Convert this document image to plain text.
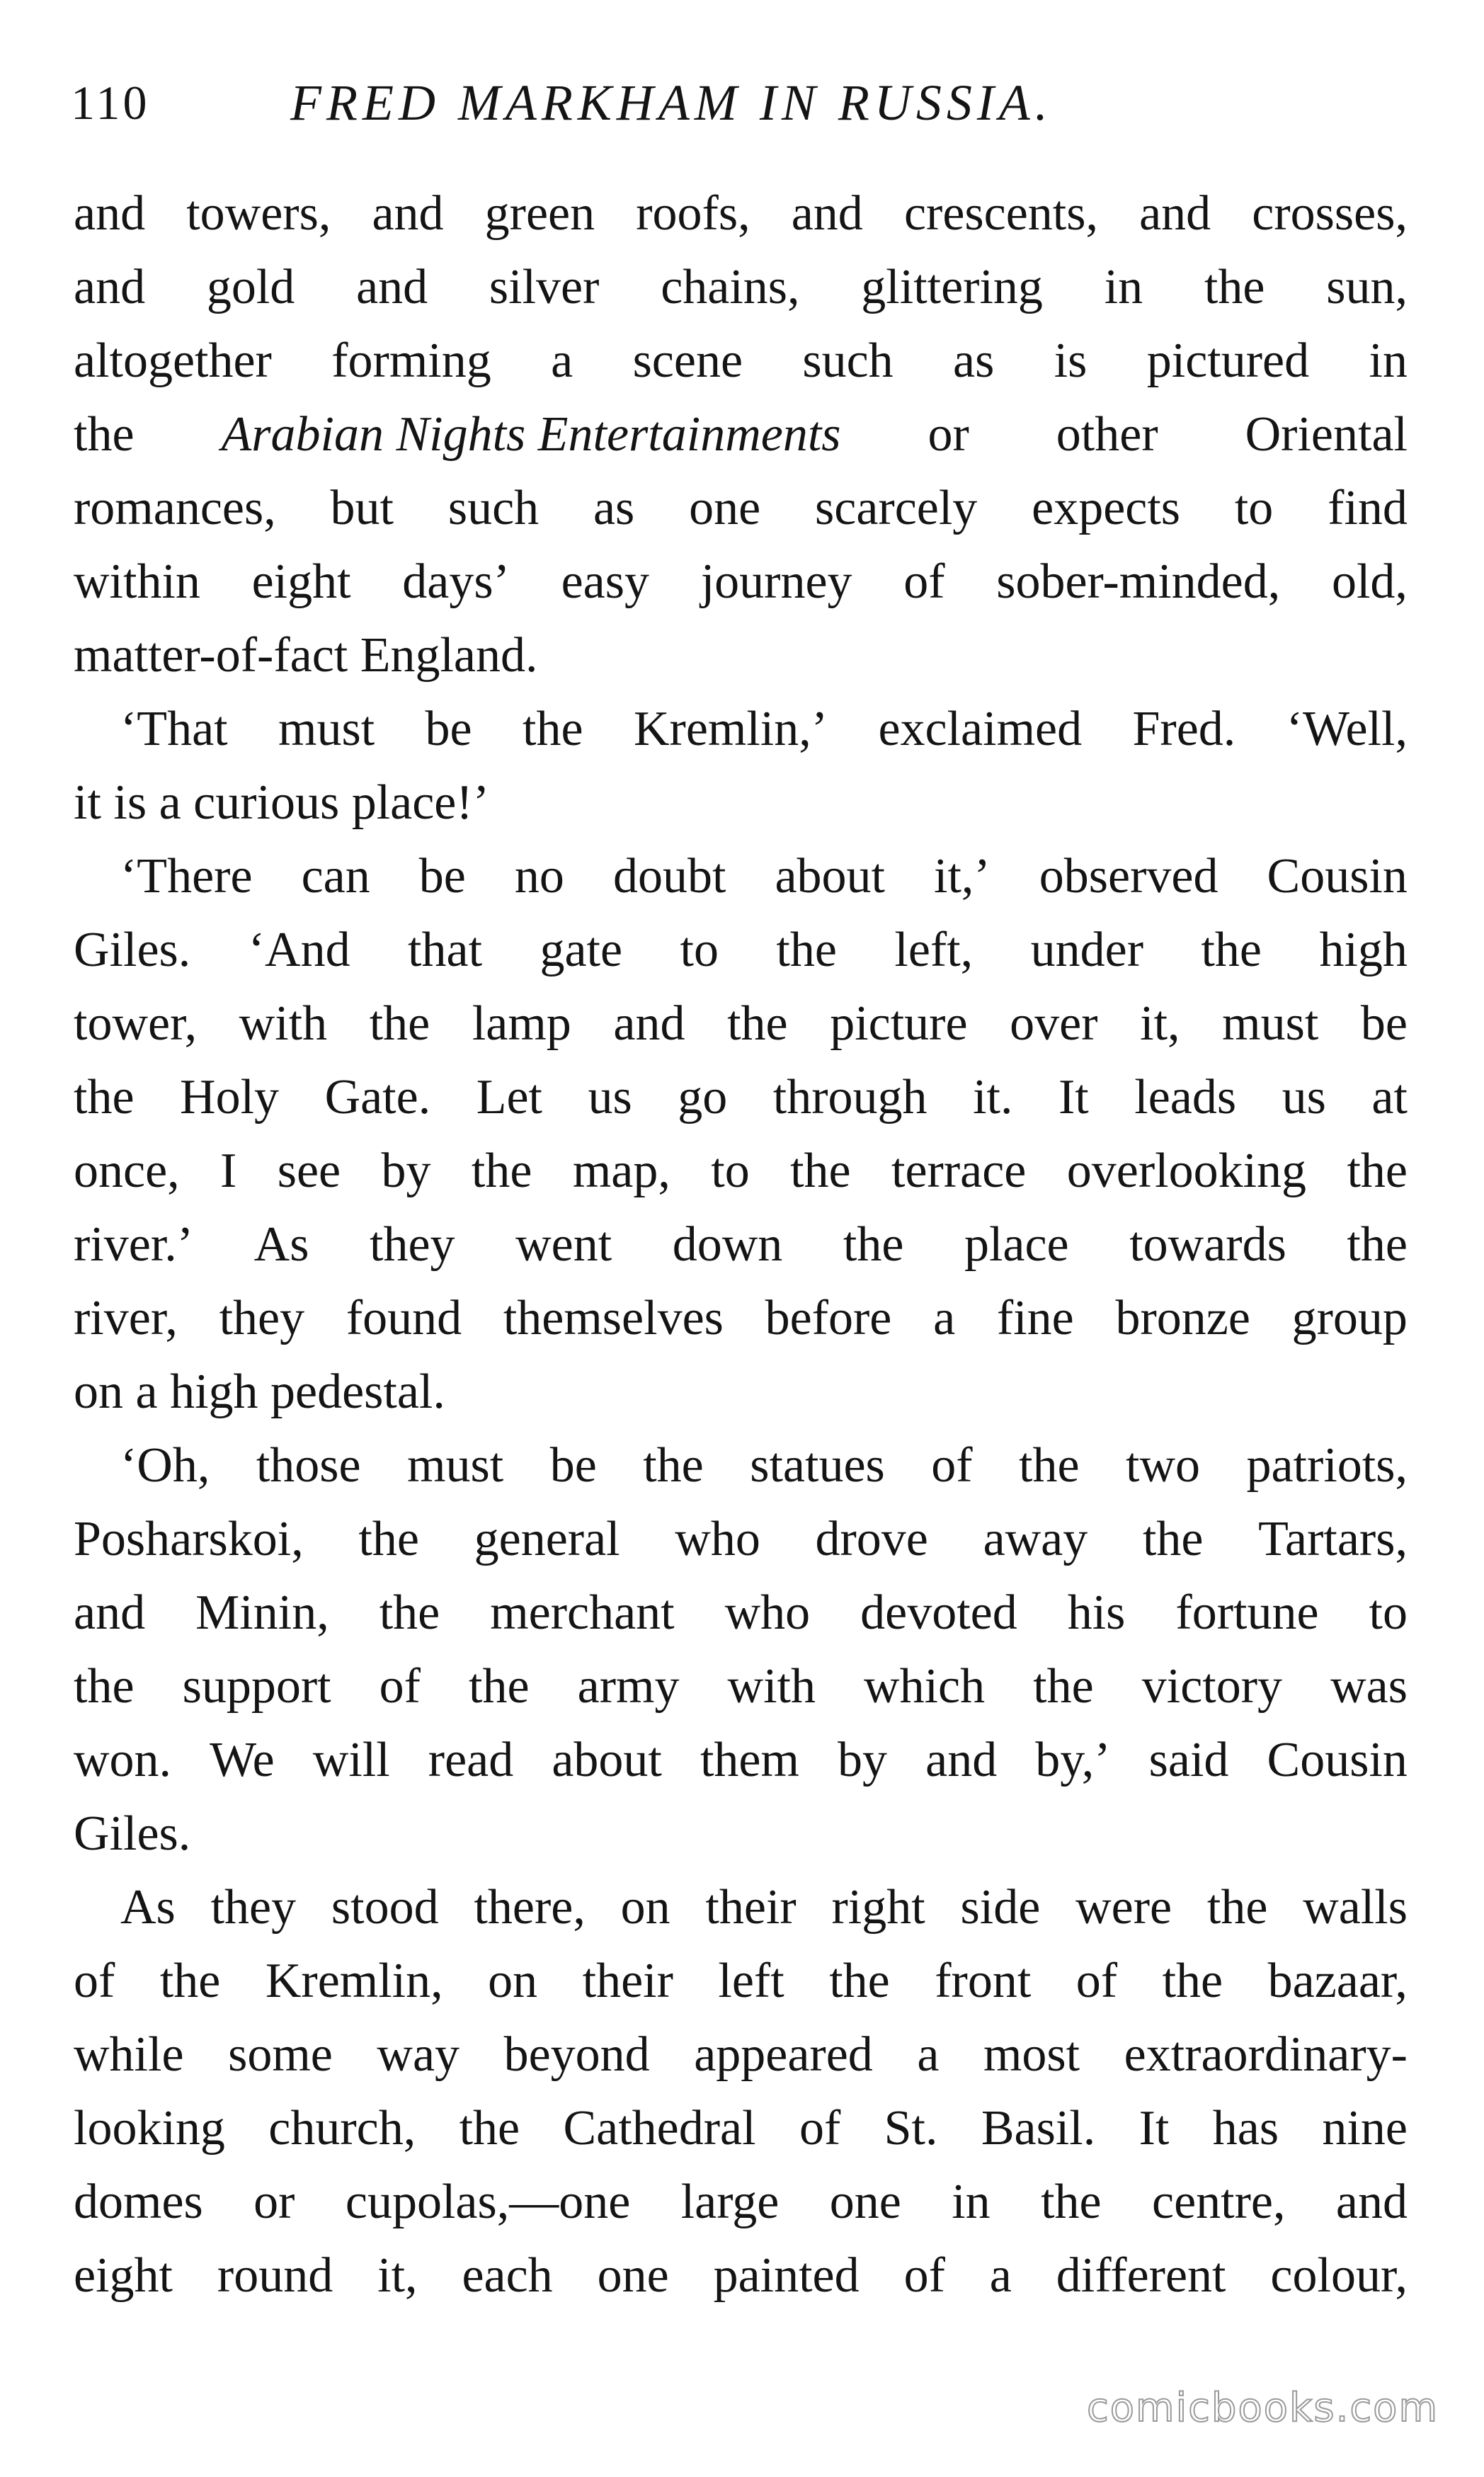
110	FRED MARKHAM IN RUSSIA.
and towers, and green roofs, and crescents, and crosses,
and gold and silver chains, glittering in the sun,
altogether forming a scene such as is pictured in
the Arabian Nights Entertainments or other Oriental
romances, but such as one scarcely expects to find
within eight days’ easy journey of sober-minded, old,
matter-of-fact England.
‘That must be the Kremlin,’ exclaimed Fred. ‘Well,
it is a curious place!’
‘There can be no doubt about it,’ observed Cousin
Giles. ‘And that gate to the left, under the high
tower, with the lamp and the picture over it, must be
the Holy Gate. Let us go through it. It leads us at
once, I see by the map, to the terrace overlooking the
river.’ As they went down the place towards the
river, they found themselves before a fine bronze group
on a high pedestal.
‘Oh, those must be the statues of the two patriots,
Posharskoi, the general who drove away the Tartars,
and Minin, the merchant who devoted his fortune to
the support of the army with which the victory was
won. We will read about them by and by,’ said Cousin
Giles.
As they stood there, on their right side were the walls
of the Kremlin, on their left the front of the bazaar,
while some way beyond appeared a most extraordinary-
looking church, the Cathedral of St. Basil. It has nine
domes or cupolas,—one large one in the centre, and
eight round it, each one painted of a different colour,
comicbooks.com
